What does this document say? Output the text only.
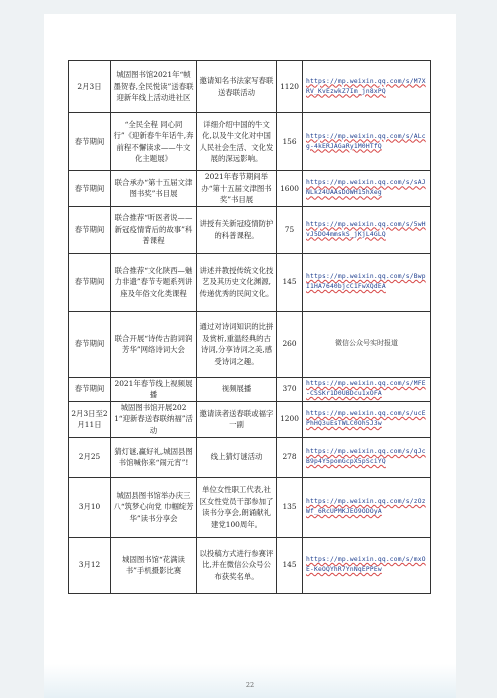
2月3日	城固图书馆2021年“帧墨贺春,全民悦读”送春联迎新年线上活动进社区	邀请知名书法家写春联送春联活动	1120	https://mp.weixin.qq.com/s/M7XRV_KvEzwkZ7Im_jn8xPQ
春节期间	“全民全程 同心同行”《迎新春牛年话牛,奔前程不懈读求——牛文化主题展》	详细介绍中国的牛文化,以及牛文化对中国人民社会生活、文化发展的深远影响。	156	https://mp.weixin.qq.com/s/ALcg-4kERJAGaRy1M0HTfQ
春节期间	联合承办“第十五届文津图书奖”书目展	2021年春节期间举办“第十五届文津图书奖”书目展	1600	https://mp.weixin.qq.com/s/sAJNLk24UAAsDOWH15hXeg
春节期间	联合推荐“听医者说——新冠疫情背后的故事”科普课程	讲授有关新冠疫情防护的科普课程。	75	https://mp.weixin.qq.com/s/5wHvJ5DO4mmskS_jKjL4GLQ
春节期间	联合推荐“文化陕西—魅力非遗”春节专题系列讲座及年俗文化类课程	讲述并教授传统文化技艺及其历史文化渊源,传递优秀的民间文化。	145	https://mp.weixin.qq.com/s/BwpI1HA7640bjcC1FwXQdEA
春节期间	联合开展“诗传古韵词润芳华”网络诗词大会	通过对诗词知识的比拼及赏析,重温经典的古诗词,分享诗词之美,感受诗词之趣。	260	微信公众号实时报道
春节期间	2021年春节线上视频展播	视频展播	370	https://mp.weixin.qq.com/s/MFE-CSSKr1D0UBDcu1xOFA
2月3日至2月11日	城固图书馆开展2021“迎新春送春联纳福”活动	邀请读者送春联或福字一副	1200	https://mp.weixin.qq.com/s/ucEPhHQ3uEsTWLC0Oh5J3w
2月25	猜灯谜,赢好礼,城固县图书馆喊你来“闹元宵”!	线上猜灯谜活动	278	https://mp.weixin.qq.com/s/qJcB9p4Y5pomGcpX5pSciYQ
3月10	城固县图书馆举办庆三八“筑梦心向党 巾帼绽芳华”读书分享会	单位女性职工代表,社区女性党员干部参加了读书分享会,朗诵献礼建党100周年。	135	https://mp.weixin.qq.com/s/zOzWf_6RcUPMKJEO9ODOyA
3月12	城固图书馆“花满读书”手机摄影比赛	以投稿方式进行参赛评比,并在微信公众号公布获奖名单。	145	https://mp.weixin.qq.com/s/mxOE-KeOQYhR7YnNqEPPEw
22
